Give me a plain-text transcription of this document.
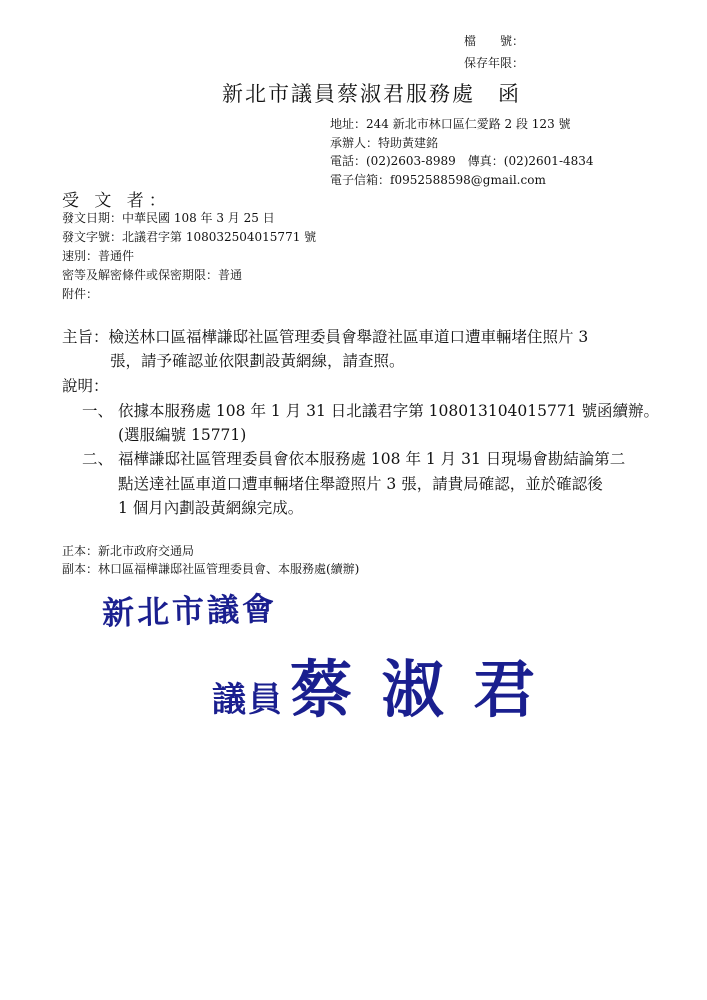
檔　　號：
保存年限：
新北市議員蔡淑君服務處　函
地址：244 新北市林口區仁愛路 2 段 123 號
承辦人：特助黃建銘
電話：(02)2603-8989　傳真：(02)2601-4834
電子信箱：f0952588598@gmail.com
受 文 者：
發文日期：中華民國 108 年 3 月 25 日
發文字號：北議君字第 108032504015771 號
速別：普通件
密等及解密條件或保密期限：普通
附件：
主旨：檢送林口區福樺謙邸社區管理委員會舉證社區車道口遭車輛堵住照片 3
張，請予確認並依限劃設黃網線，請查照。
說明：
一、 依據本服務處 108 年 1 月 31 日北議君字第 108013104015771 號函續辦。
(選服編號 15771)
二、 福樺謙邸社區管理委員會依本服務處 108 年 1 月 31 日現場會勘結論第二
點送達社區車道口遭車輛堵住舉證照片 3 張，請貴局確認，並於確認後
1 個月內劃設黃網線完成。
正本：新北市政府交通局
副本：林口區福樺謙邸社區管理委員會、本服務處(續辦)
新北市議會
議員 蔡 淑 君
